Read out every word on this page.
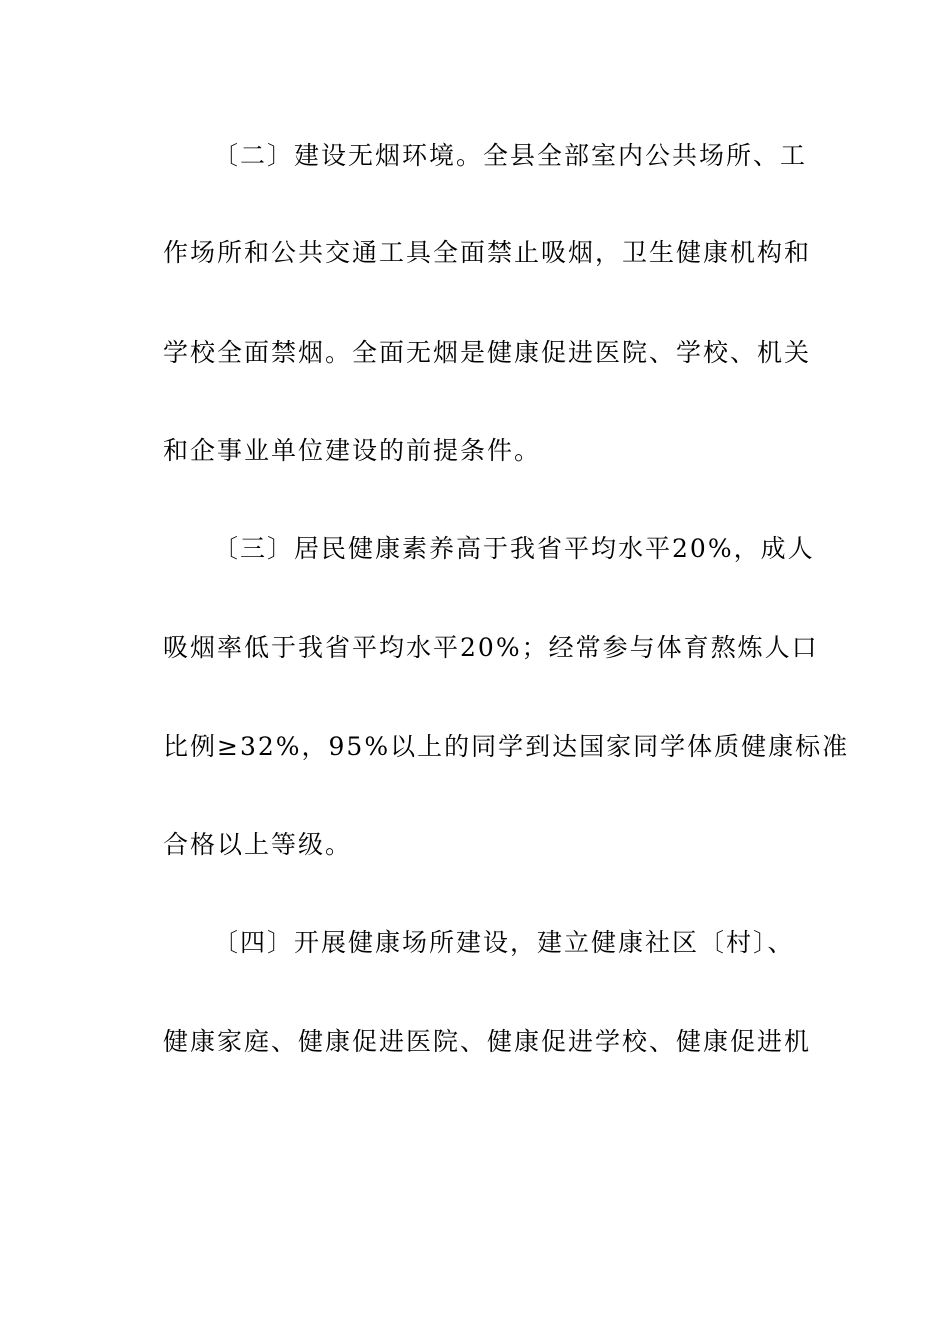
〔二〕建设无烟环境。全县全部室内公共场所、工
作场所和公共交通工具全面禁止吸烟，卫生健康机构和
学校全面禁烟。全面无烟是健康促进医院、学校、机关
和企事业单位建设的前提条件。
〔三〕居民健康素养高于我省平均水平20%，成人
吸烟率低于我省平均水平20%；经常参与体育熬炼人口
比例≥32%，95%以上的同学到达国家同学体质健康标准
合格以上等级。
〔四〕开展健康场所建设，建立健康社区〔村〕、
健康家庭、健康促进医院、健康促进学校、健康促进机
